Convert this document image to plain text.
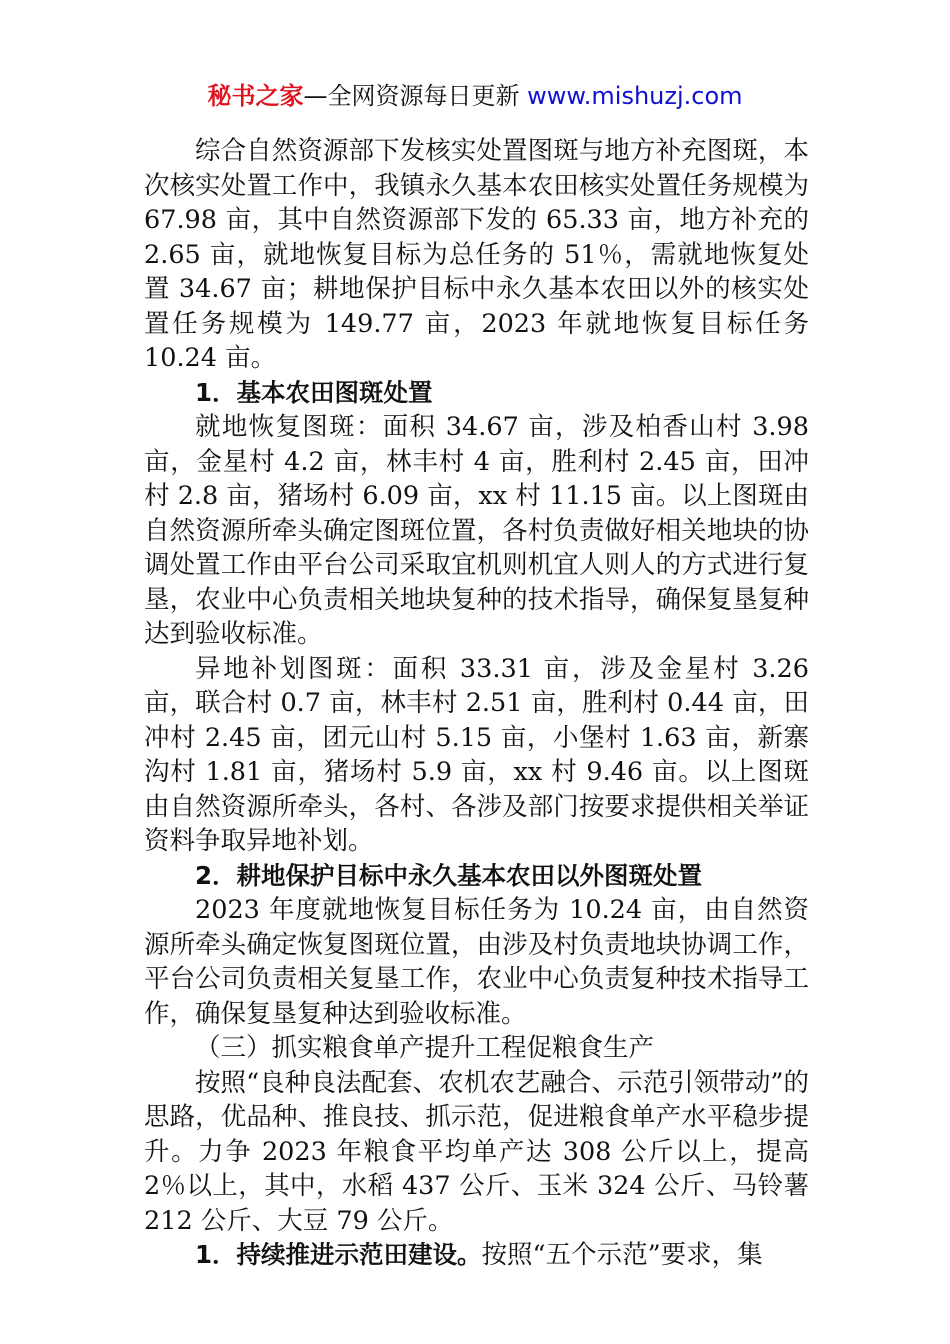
秘书之家—全网资源每日更新 www.mishuzj.com

综合自然资源部下发核实处置图斑与地方补充图斑，本次核实处置工作中，我镇永久基本农田核实处置任务规模为 67.98 亩，其中自然资源部下发的 65.33 亩，地方补充的 2.65 亩，就地恢复目标为总任务的 51％，需就地恢复处置 34.67 亩；耕地保护目标中永久基本农田以外的核实处置任务规模为 149.77 亩，2023 年就地恢复目标任务 10.24 亩。

1．基本农田图斑处置

就地恢复图斑：面积 34.67 亩，涉及柏香山村 3.98 亩，金星村 4.2 亩，林丰村 4 亩，胜利村 2.45 亩，田冲村 2.8 亩，猪场村 6.09 亩，xx 村 11.15 亩。以上图斑由自然资源所牵头确定图斑位置，各村负责做好相关地块的协调处置工作由平台公司采取宜机则机宜人则人的方式进行复垦，农业中心负责相关地块复种的技术指导，确保复垦复种达到验收标准。

异地补划图斑：面积 33.31 亩，涉及金星村 3.26 亩，联合村 0.7 亩，林丰村 2.51 亩，胜利村 0.44 亩，田冲村 2.45 亩，团元山村 5.15 亩，小堡村 1.63 亩，新寨沟村 1.81 亩，猪场村 5.9 亩，xx 村 9.46 亩。以上图斑由自然资源所牵头，各村、各涉及部门按要求提供相关举证资料争取异地补划。

2．耕地保护目标中永久基本农田以外图斑处置

2023 年度就地恢复目标任务为 10.24 亩，由自然资源所牵头确定恢复图斑位置，由涉及村负责地块协调工作，平台公司负责相关复垦工作，农业中心负责复种技术指导工作，确保复垦复种达到验收标准。

（三）抓实粮食单产提升工程促粮食生产

按照“良种良法配套、农机农艺融合、示范引领带动”的思路，优品种、推良技、抓示范，促进粮食单产水平稳步提升。力争 2023 年粮食平均单产达 308 公斤以上，提高 2％以上，其中，水稻 437 公斤、玉米 324 公斤、马铃薯 212 公斤、大豆 79 公斤。

1．持续推进示范田建设。按照“五个示范”要求，集
